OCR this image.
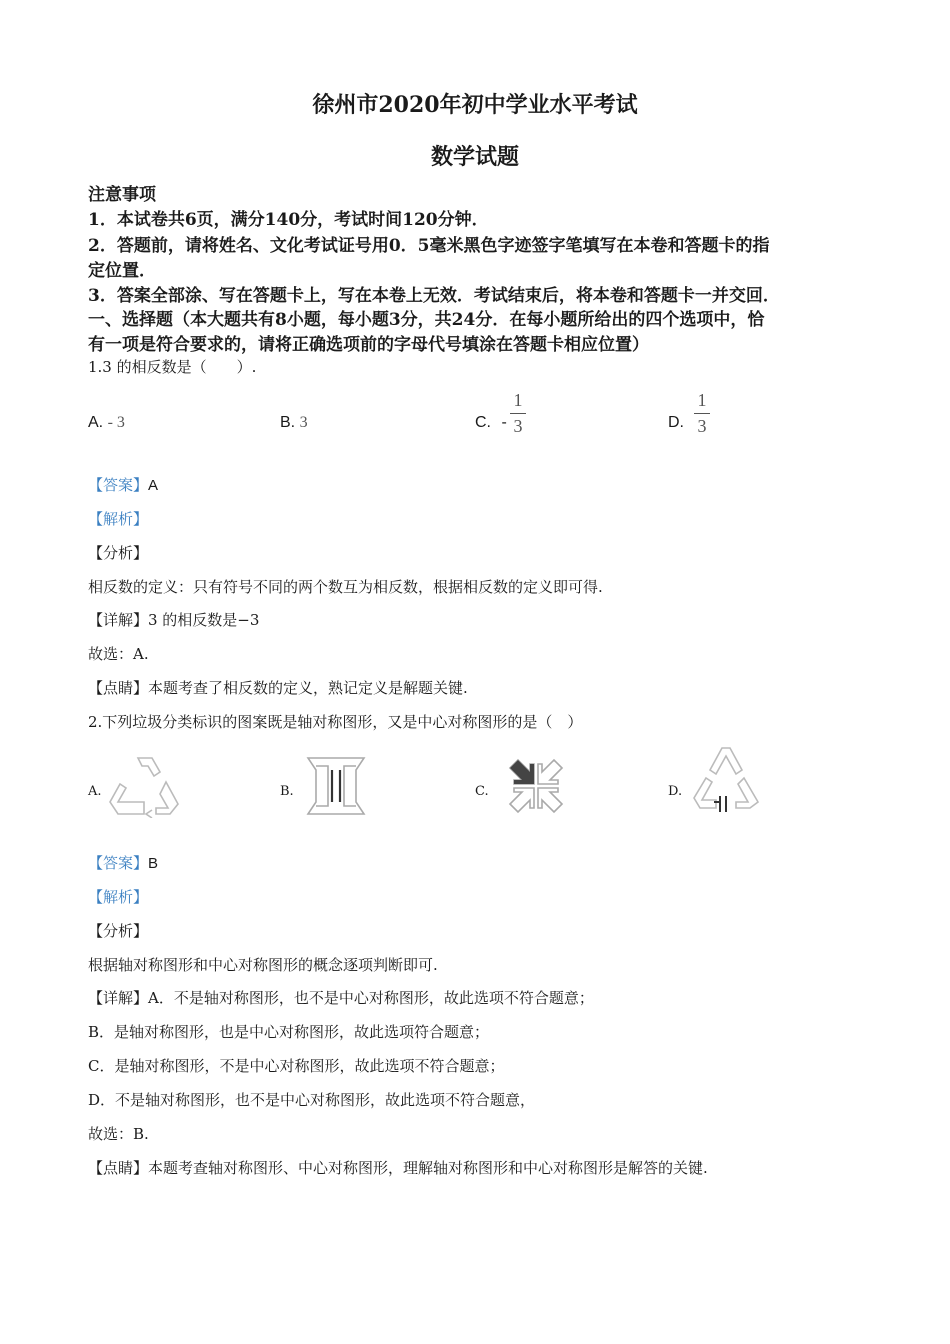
徐州市2020年初中学业水平考试
数学试题
注意事项
1．本试卷共6页，满分140分，考试时间120分钟．
2．答题前，请将姓名、文化考试证号用0．5毫米黑色字迹签字笔填写在本卷和答题卡的指
定位置．
3．答案全部涂、写在答题卡上，写在本卷上无效．考试结束后，将本卷和答题卡一并交回．
一、选择题（本大题共有8小题，每小题3分，共24分．在每小题所给出的四个选项中，恰
有一项是符合要求的，请将正确选项前的字母代号填涂在答题卡相应位置）
1.3 的相反数是（　　）.
A. - 3	B. 3	C. -
1
3	D.
1
3
【答案】A
【解析】
【分析】
相反数的定义：只有符号不同的两个数互为相反数，根据相反数的定义即可得.
【详解】3 的相反数是−3
故选：A.
【点睛】本题考查了相反数的定义，熟记定义是解题关键.
2.下列垃圾分类标识的图案既是轴对称图形，又是中心对称图形的是（　）
A.	B.	C.	D.
【答案】B
【解析】
【分析】
根据轴对称图形和中心对称图形的概念逐项判断即可.
【详解】A．不是轴对称图形，也不是中心对称图形，故此选项不符合题意；
B．是轴对称图形，也是中心对称图形，故此选项符合题意；
C．是轴对称图形，不是中心对称图形，故此选项不符合题意；
D．不是轴对称图形，也不是中心对称图形，故此选项不符合题意，
故选：B.
【点睛】本题考查轴对称图形、中心对称图形，理解轴对称图形和中心对称图形是解答的关键.
